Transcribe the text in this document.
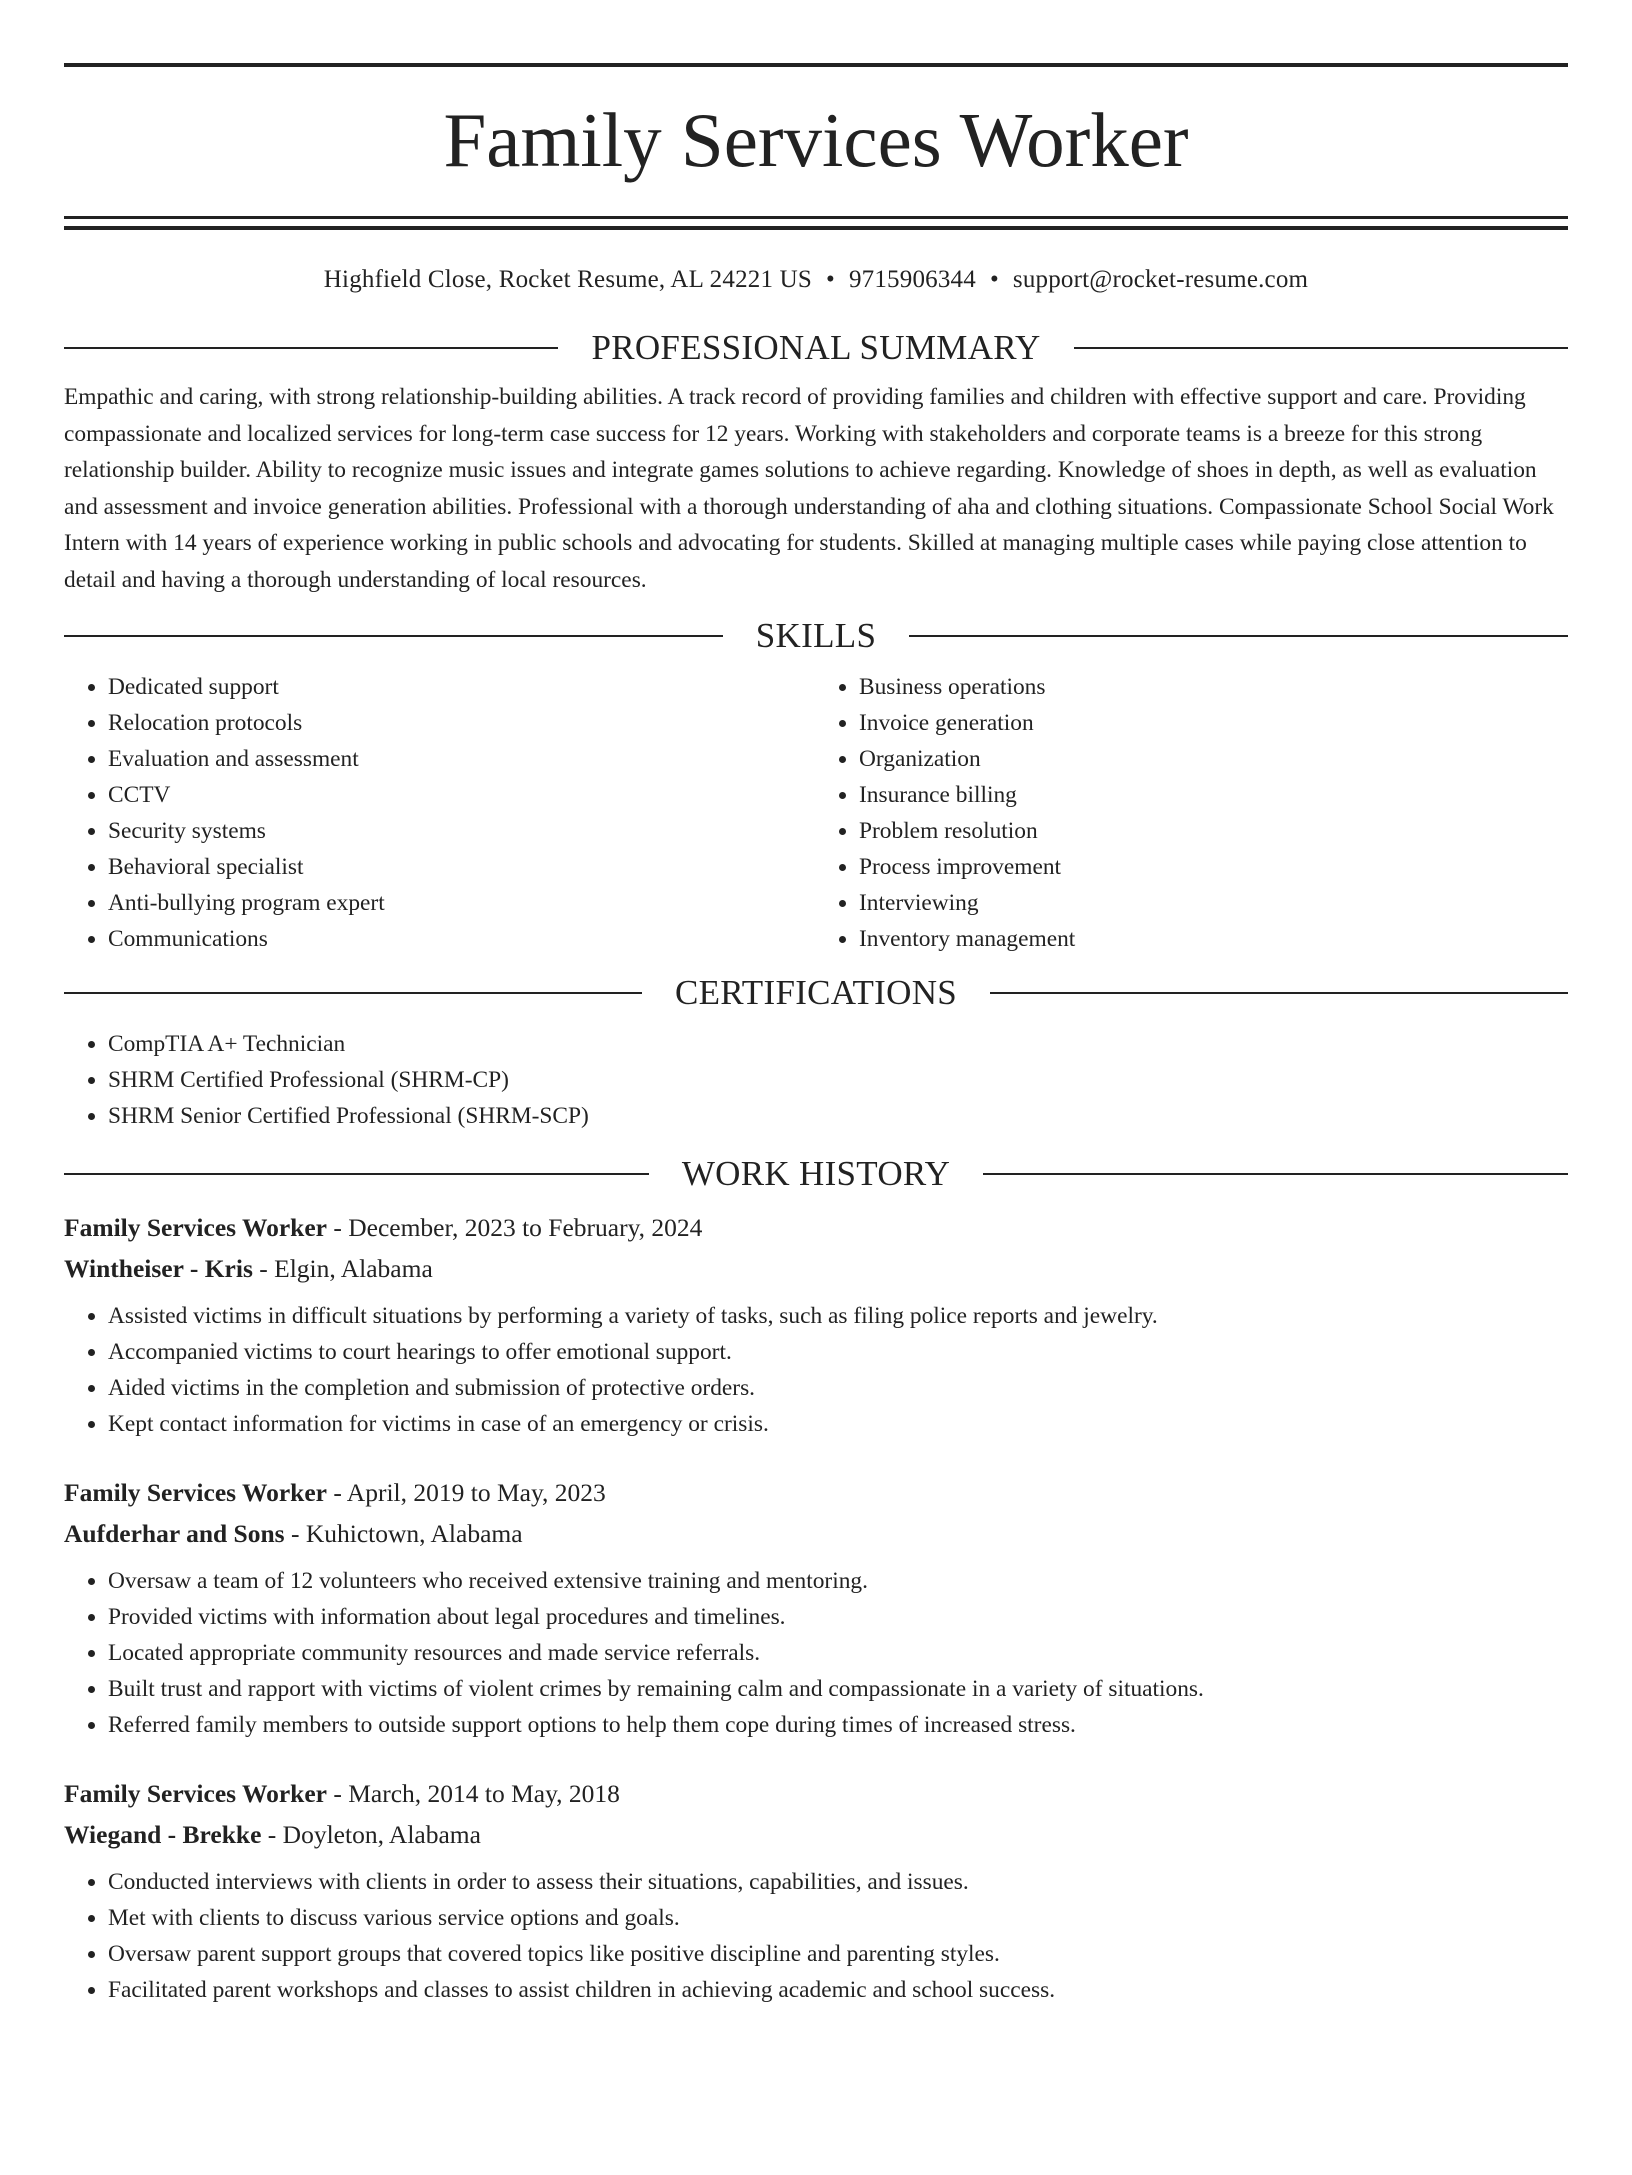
Family Services Worker
Highfield Close, Rocket Resume, AL 24221 US • 9715906344 • support@rocket-resume.com
PROFESSIONAL SUMMARY

Empathic and caring, with strong relationship-building abilities. A track record of providing families and children with effective support and care. Providing compassionate and localized services for long-term case success for 12 years. Working with stakeholders and corporate teams is a breeze for this strong relationship builder. Ability to recognize music issues and integrate games solutions to achieve regarding. Knowledge of shoes in depth, as well as evaluation and assessment and invoice generation abilities. Professional with a thorough understanding of aha and clothing situations. Compassionate School Social Work Intern with 14 years of experience working in public schools and advocating for students. Skilled at managing multiple cases while paying close attention to detail and having a thorough understanding of local resources.

SKILLS
• Dedicated support
• Relocation protocols
• Evaluation and assessment
• CCTV
• Security systems
• Behavioral specialist
• Anti-bullying program expert
• Communications
• Business operations
• Invoice generation
• Organization
• Insurance billing
• Problem resolution
• Process improvement
• Interviewing
• Inventory management
CERTIFICATIONS
• CompTIA A+ Technician
• SHRM Certified Professional (SHRM-CP)
• SHRM Senior Certified Professional (SHRM-SCP)
WORK HISTORY
Family Services Worker - December, 2023 to February, 2024
Wintheiser - Kris - Elgin, Alabama
• Assisted victims in difficult situations by performing a variety of tasks, such as filing police reports and jewelry.
• Accompanied victims to court hearings to offer emotional support.
• Aided victims in the completion and submission of protective orders.
• Kept contact information for victims in case of an emergency or crisis.
Family Services Worker - April, 2019 to May, 2023
Aufderhar and Sons - Kuhictown, Alabama
• Oversaw a team of 12 volunteers who received extensive training and mentoring.
• Provided victims with information about legal procedures and timelines.
• Located appropriate community resources and made service referrals.
• Built trust and rapport with victims of violent crimes by remaining calm and compassionate in a variety of situations.
• Referred family members to outside support options to help them cope during times of increased stress.
Family Services Worker - March, 2014 to May, 2018
Wiegand - Brekke - Doyleton, Alabama
• Conducted interviews with clients in order to assess their situations, capabilities, and issues.
• Met with clients to discuss various service options and goals.
• Oversaw parent support groups that covered topics like positive discipline and parenting styles.
• Facilitated parent workshops and classes to assist children in achieving academic and school success.
